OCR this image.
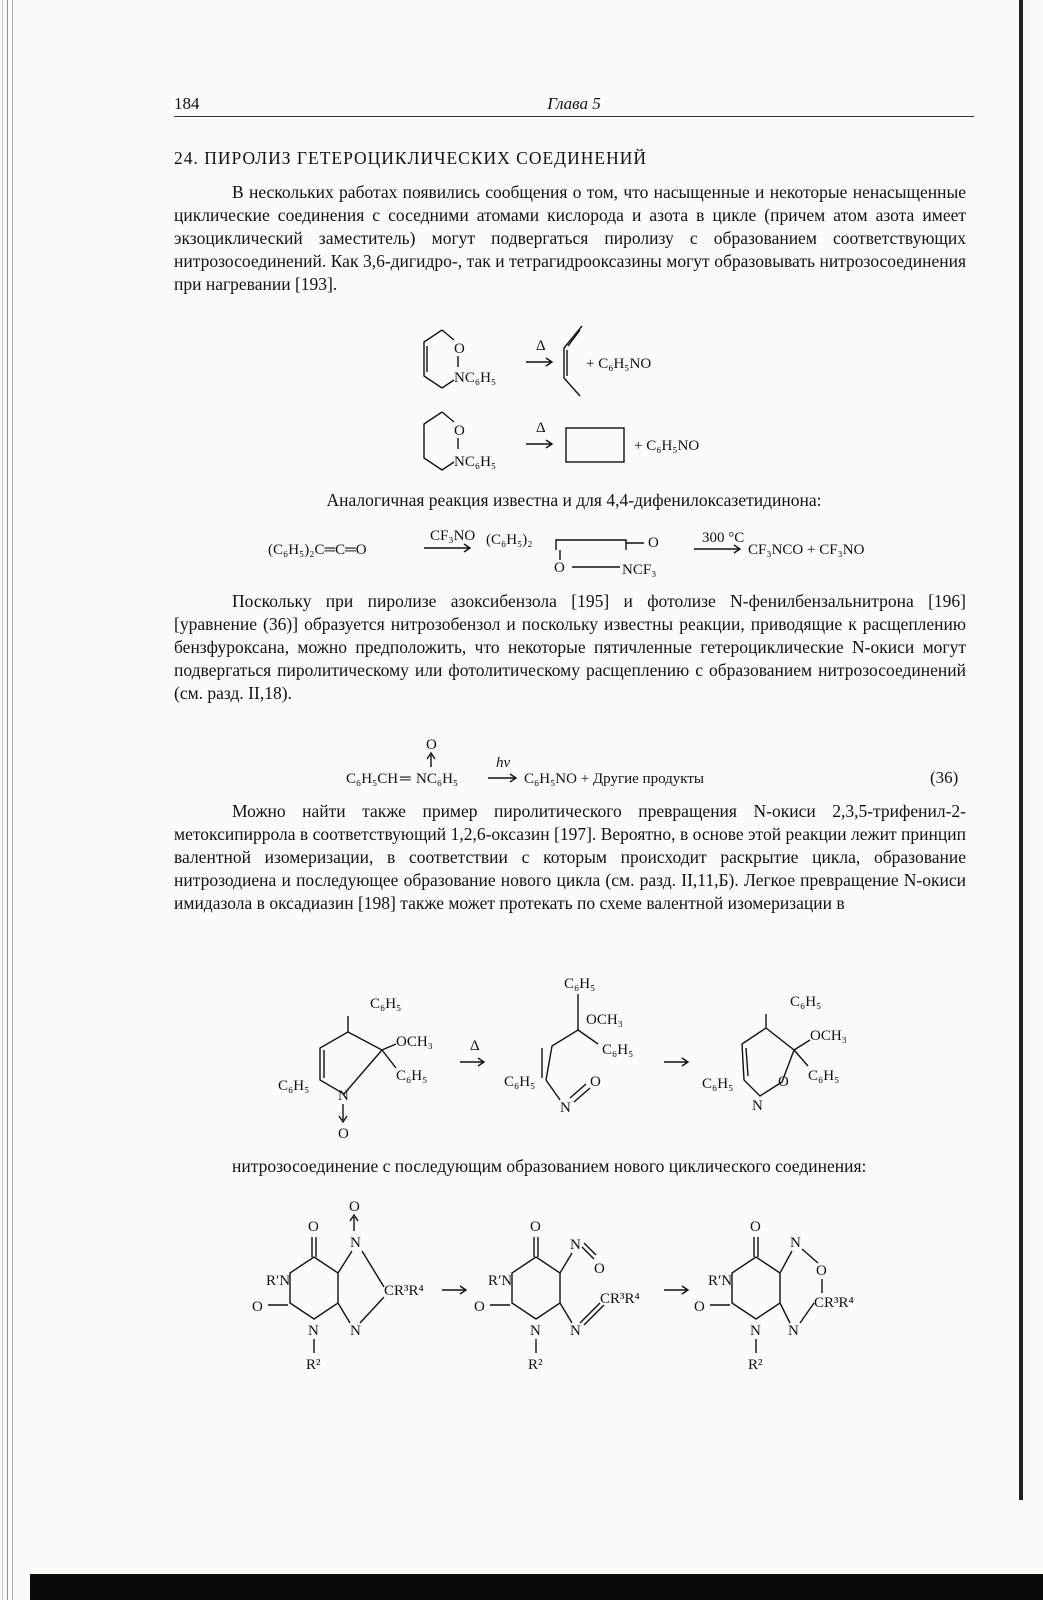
184	Глава 5
24. ПИРОЛИЗ ГЕТЕРОЦИКЛИЧЕСКИХ СОЕДИНЕНИЙ

В нескольких работах появились сообщения о том, что насыщенные и некоторые ненасыщенные циклические соединения с соседними атомами кислорода и азота в цикле (причем атом азота имеет экзоциклический заместитель) могут подвергаться пиролизу с образованием соответствующих нитрозосоединений. Как 3,6-дигидро-, так и тетрагидрооксазины могут образовывать нитрозосоединения при нагревании [193].

O
NC₆H₅
Δ
+ C₆H₅NO
O
NC₆H₅
Δ
+ C₆H₅NO
Аналогичная реакция известна и для 4,4-дифенилоксазетидинона:
(C₆H₅)₂C═C═O
CF₃NO (C₆H₅)₂	O
O	NCF₃
300 °C
CF₃NCO + CF₃NO

Поскольку при пиролизе азоксибензола [195] и фотолизе N-фенилбензальнитрона [196] [уравнение (36)] образуется нитрозобензол и поскольку известны реакции, приводящие к расщеплению бензфуроксана, можно предположить, что некоторые пятичленные гетероциклические N-окиси могут подвергаться пиролитическому или фотолитическому расщеплению с образованием нитрозосоединений (см. разд. II,18).

O
C₆H₅CH ═ NC₆H₅
hν
C₆H₅NO + Другие продукты	(36)

Можно найти также пример пиролитического превращения N-окиси 2,3,5-трифенил-2-метоксипиррола в соответствующий 1,2,6-оксазин [197]. Вероятно, в основе этой реакции лежит принцип валентной изомеризации, в соответствии с которым происходит раскрытие цикла, образование нитрозодиена и последующее образование нового цикла (см. разд. II,11,Б). Легкое превращение N-окиси имидазола в оксадиазин [198] также может протекать по схеме валентной изомеризации в

C₆H₅
OCH₃
C₆H₅
C₆H₅
N
O
Δ
C₆H₅
OCH₃
C₆H₅
C₆H₅
N
O
C₆H₅
OCH₃
C₆H₅
C₆H₅	O
N

нитрозосоединение с последующим образованием нового циклического соединения:

O
O
R′N
O
N
R²
N
CR³R⁴
N
O
R′N
O
N
R²
N
O
N
CR³R⁴
O
R′N
O
N
R²
N
O
CR³R⁴
N
